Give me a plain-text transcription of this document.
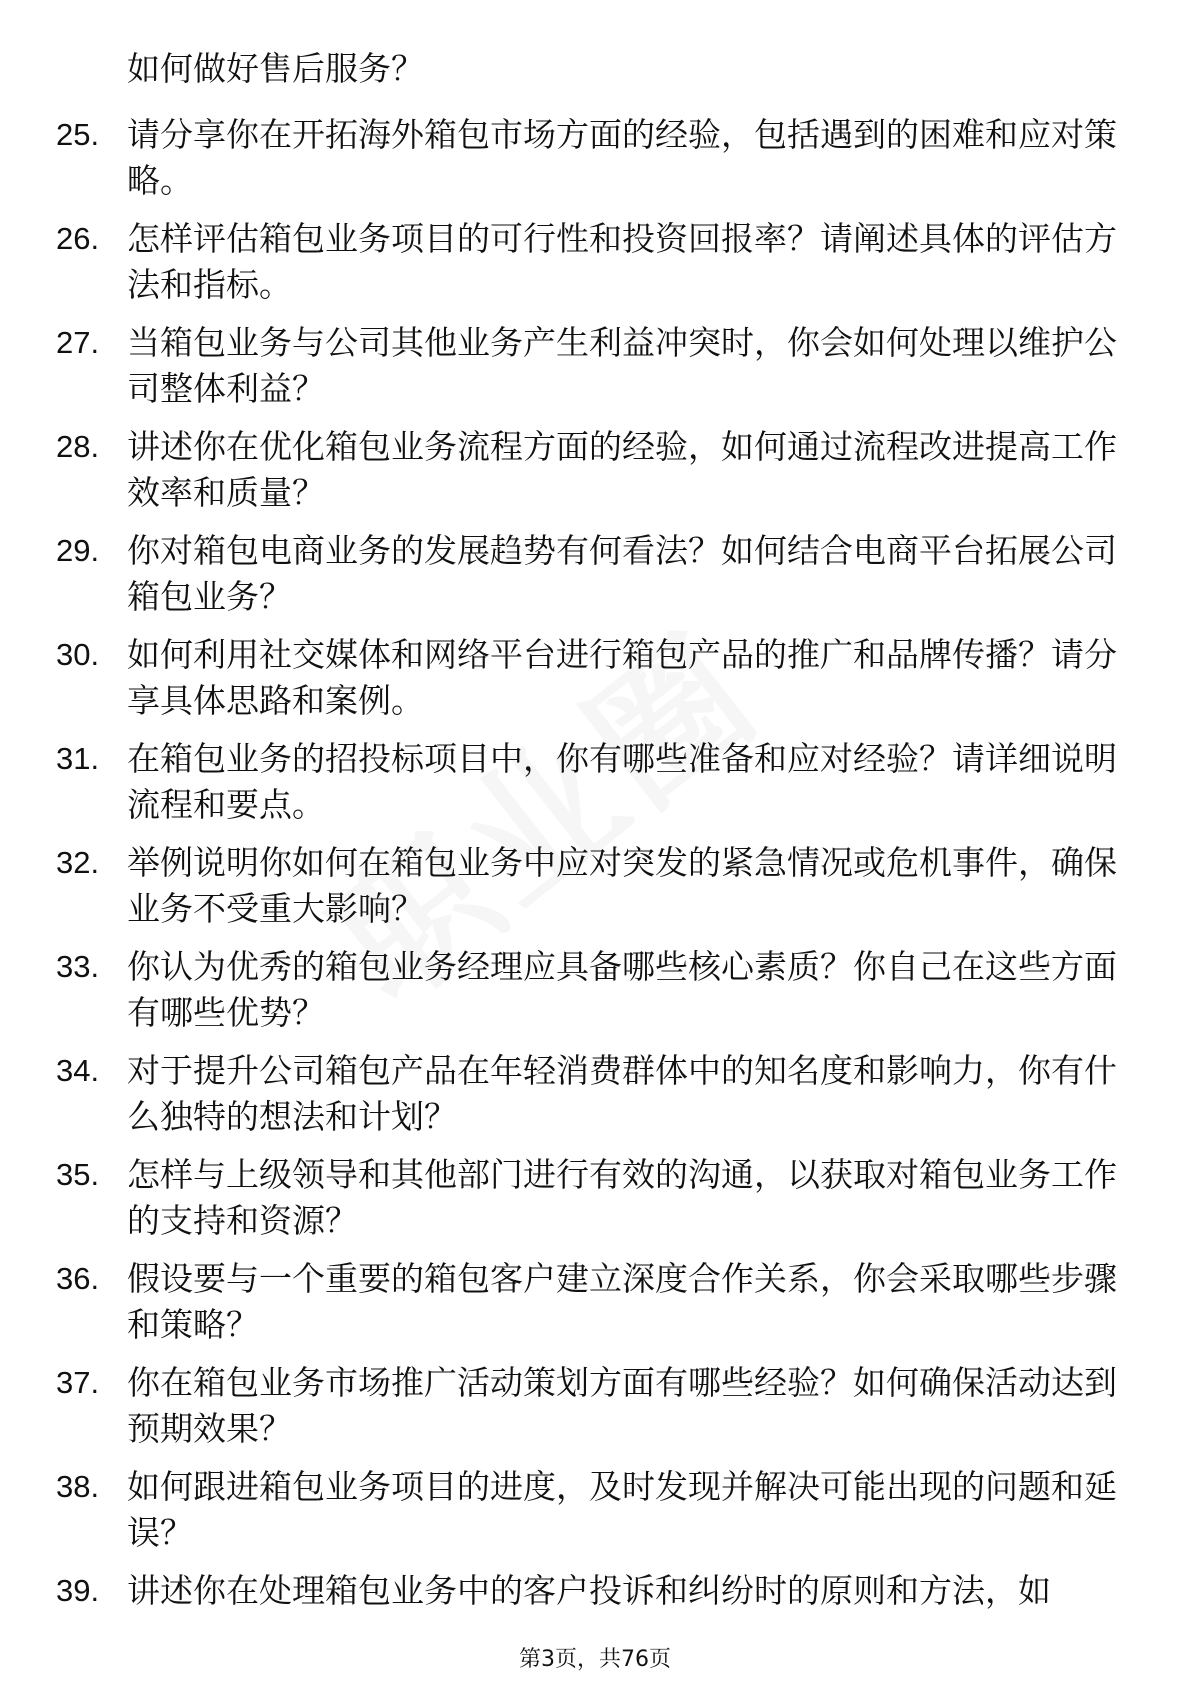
如何做好售后服务？

25. 请分享你在开拓海外箱包市场方面的经验，包括遇到的困难和应对策略。

26. 怎样评估箱包业务项目的可行性和投资回报率？请阐述具体的评估方法和指标。

27. 当箱包业务与公司其他业务产生利益冲突时，你会如何处理以维护公司整体利益？

28. 讲述你在优化箱包业务流程方面的经验，如何通过流程改进提高工作效率和质量？

29. 你对箱包电商业务的发展趋势有何看法？如何结合电商平台拓展公司箱包业务？

30. 如何利用社交媒体和网络平台进行箱包产品的推广和品牌传播？请分享具体思路和案例。

31. 在箱包业务的招投标项目中，你有哪些准备和应对经验？请详细说明流程和要点。

32. 举例说明你如何在箱包业务中应对突发的紧急情况或危机事件，确保业务不受重大影响？

33. 你认为优秀的箱包业务经理应具备哪些核心素质？你自己在这些方面有哪些优势？

34. 对于提升公司箱包产品在年轻消费群体中的知名度和影响力，你有什么独特的想法和计划？

35. 怎样与上级领导和其他部门进行有效的沟通，以获取对箱包业务工作的支持和资源？

36. 假设要与一个重要的箱包客户建立深度合作关系，你会采取哪些步骤和策略？

37. 你在箱包业务市场推广活动策划方面有哪些经验？如何确保活动达到预期效果？

38. 如何跟进箱包业务项目的进度，及时发现并解决可能出现的问题和延误？

39. 讲述你在处理箱包业务中的客户投诉和纠纷时的原则和方法，如

第3页，共76页
